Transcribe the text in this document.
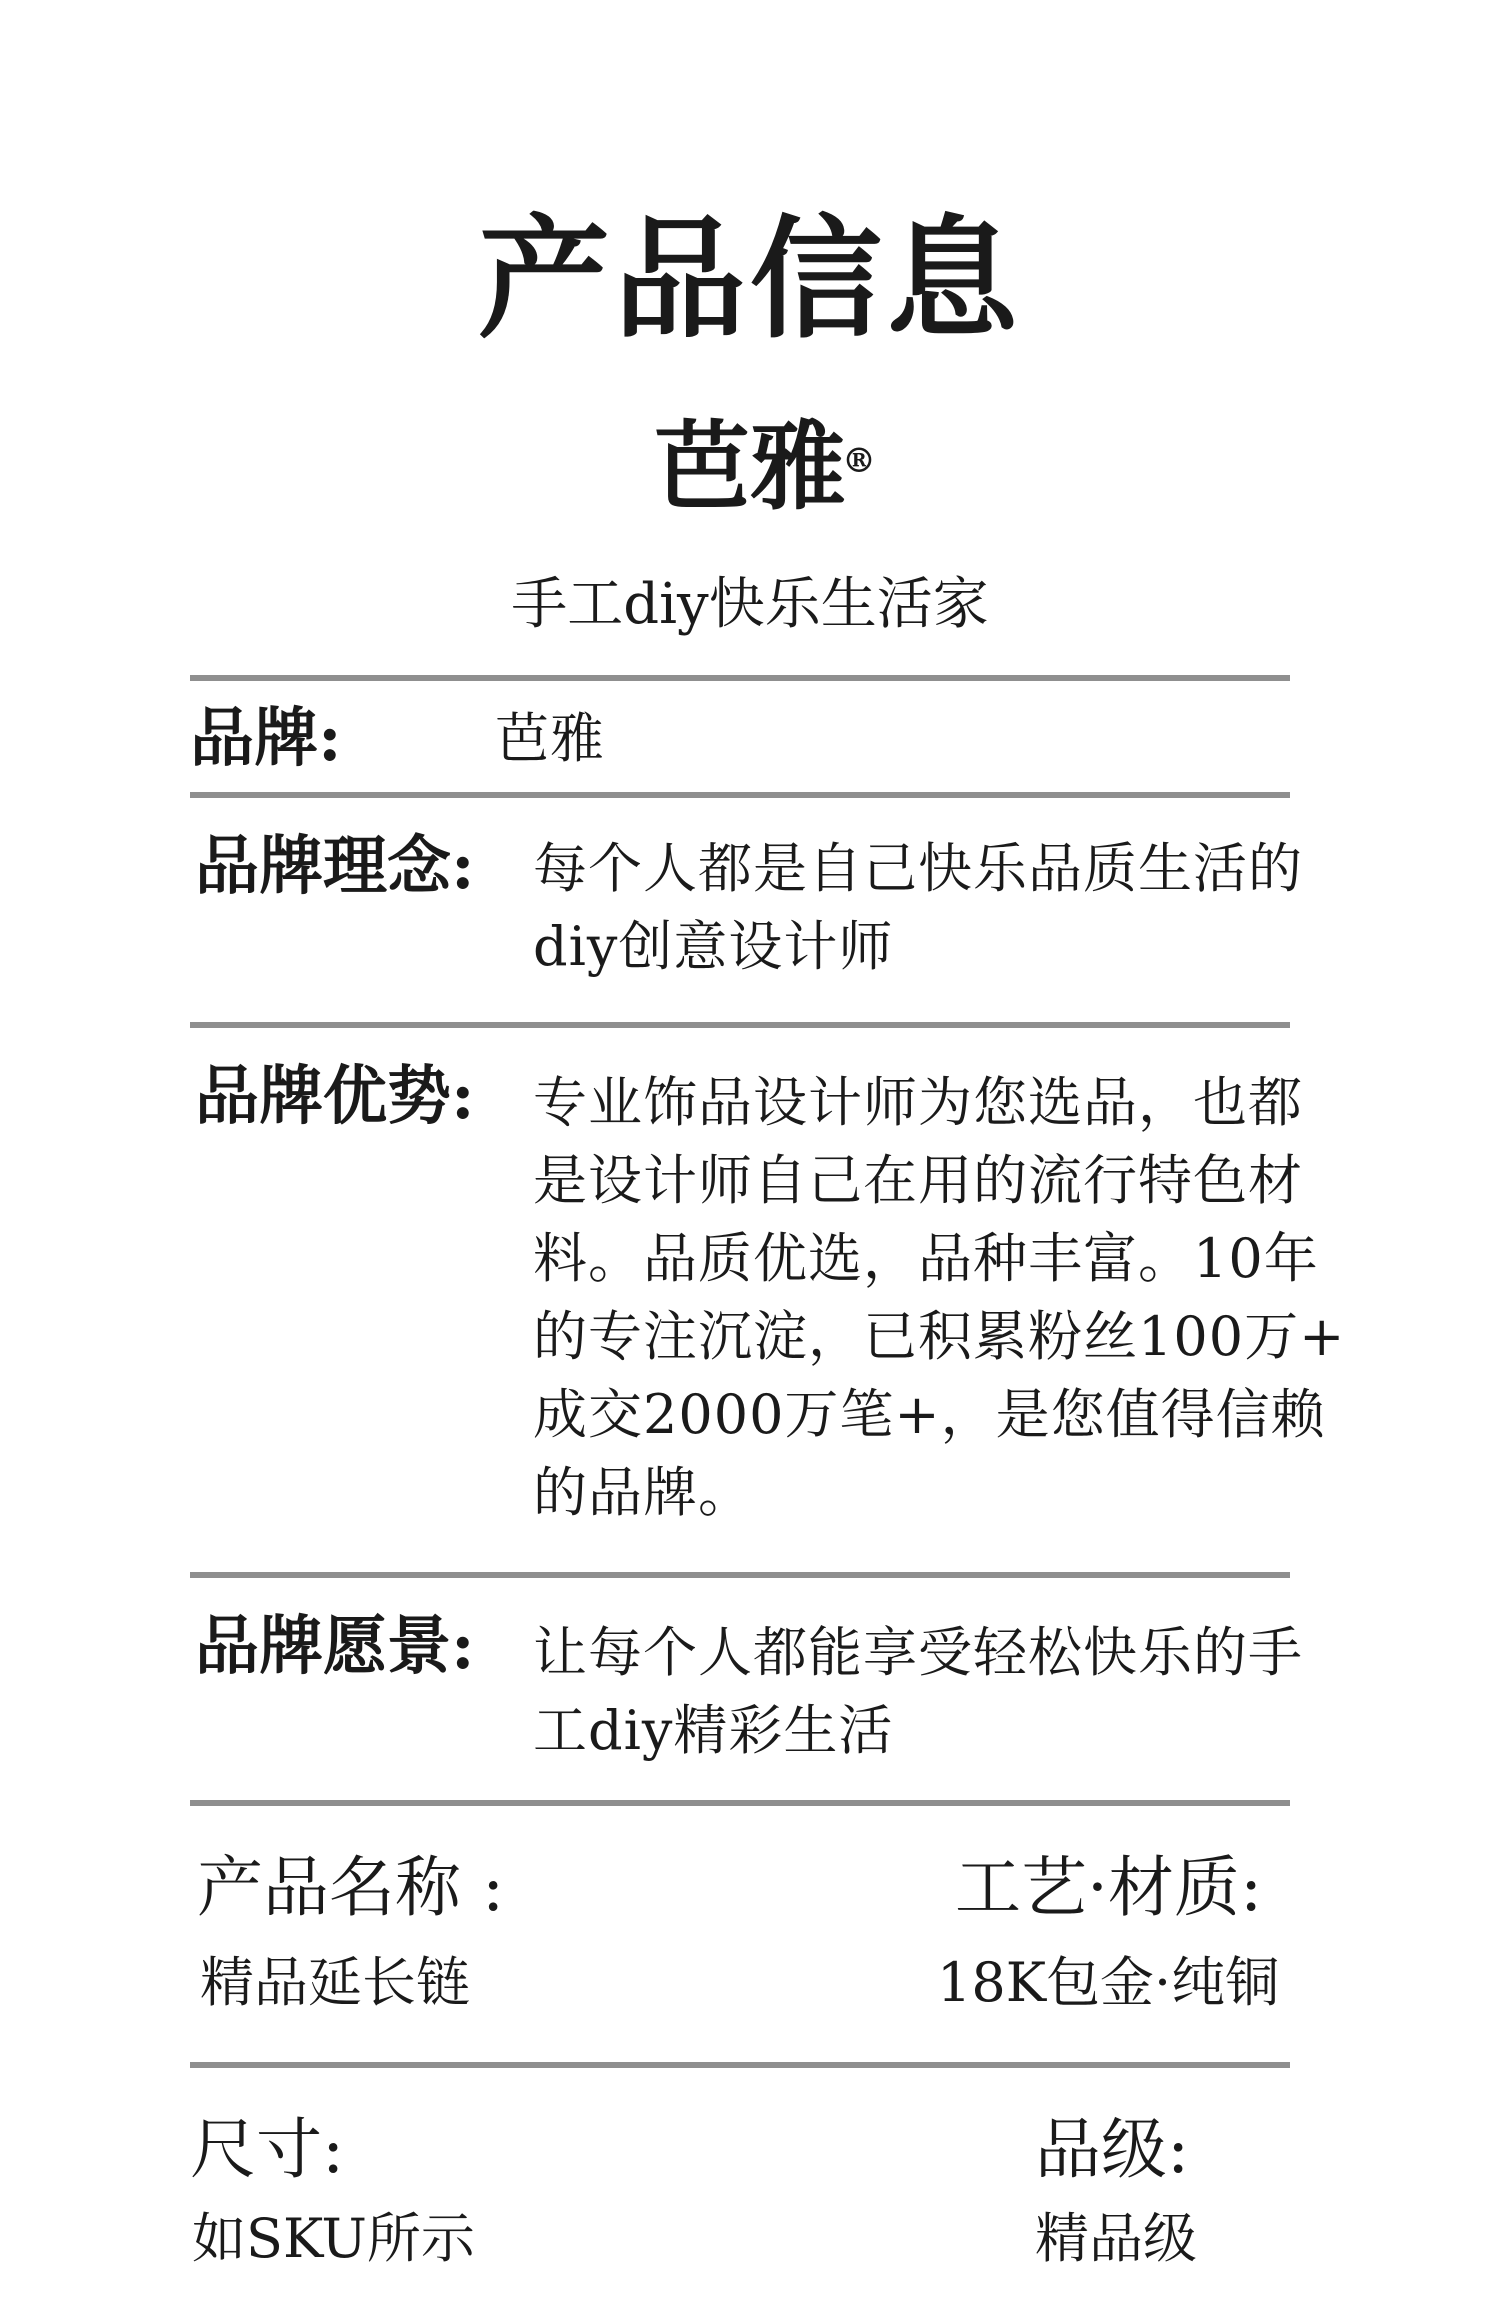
产品信息
芭雅
®
手工diy快乐生活家
品牌:	芭雅
品牌理念: 每个人都是自己快乐品质生活的
diy创意设计师
品牌优势: 专业饰品设计师为您选品，也都
是设计师自己在用的流行特色材
料。品质优选，品种丰富。10年
的专注沉淀，已积累粉丝100万+
成交2000万笔+，是您值得信赖
的品牌。
品牌愿景: 让每个人都能享受轻松快乐的手
工diy精彩生活
产品名称 :
精品延长链
工艺·材质:
18K包金·纯铜
尺寸:
如SKU所示
品级:
精品级
